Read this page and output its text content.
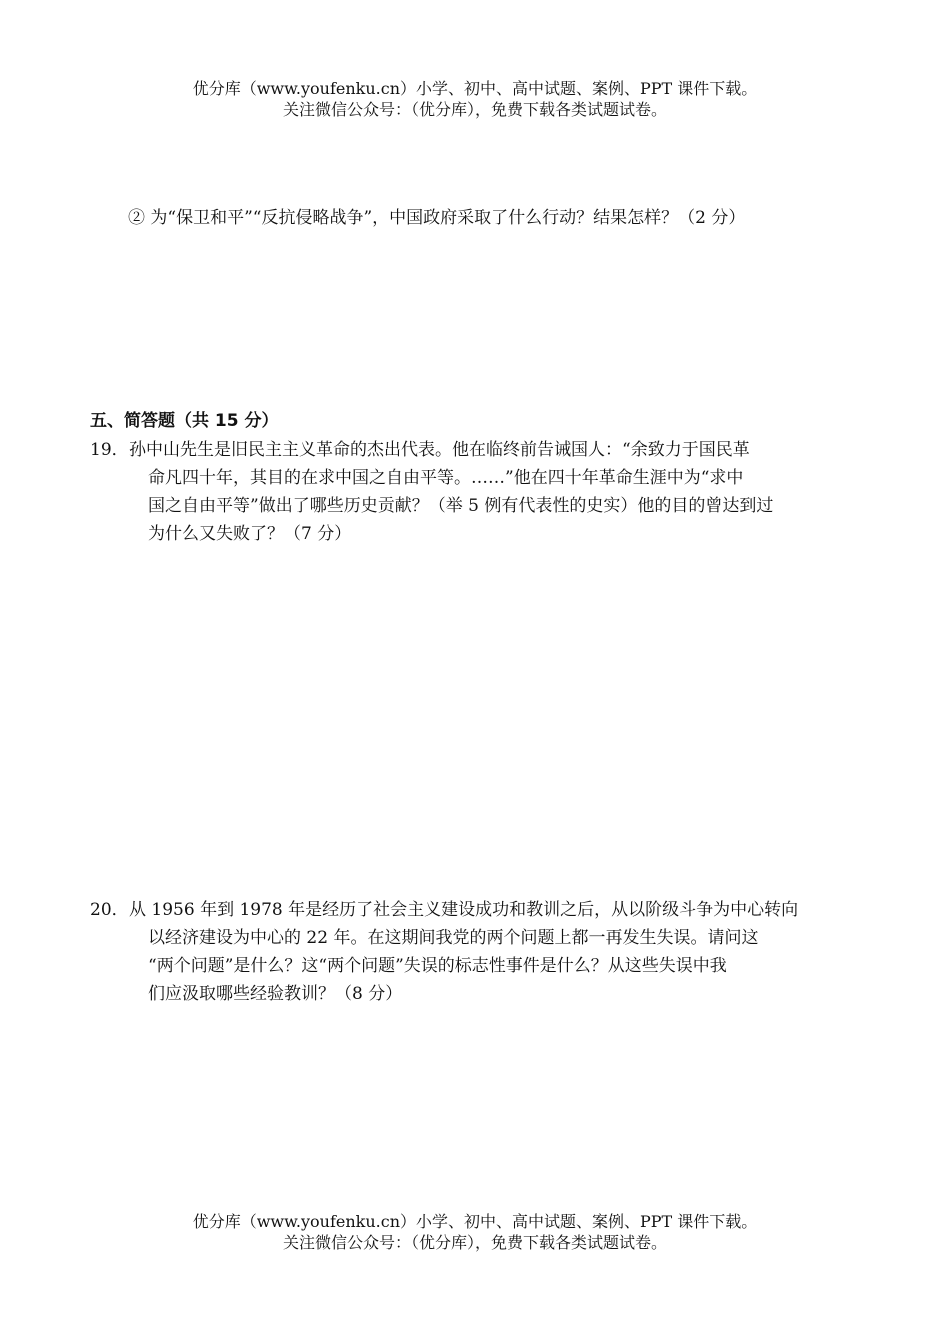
优分库（www.youfenku.cn）小学、初中、高中试题、案例、PPT 课件下载。
关注微信公众号：（优分库），免费下载各类试题试卷。
② 为“保卫和平”“反抗侵略战争”，中国政府采取了什么行动？结果怎样？（2 分）
五、简答题（共 15 分）
19． 孙中山先生是旧民主主义革命的杰出代表。他在临终前告诫国人：“余致力于国民革
命凡四十年，其目的在求中国之自由平等。……”他在四十年革命生涯中为“求中
国之自由平等”做出了哪些历史贡献？（举 5 例有代表性的史实）他的目的曾达到过
为什么又失败了？（7 分）
20． 从 1956 年到 1978 年是经历了社会主义建设成功和教训之后，从以阶级斗争为中心转向
以经济建设为中心的 22 年。在这期间我党的两个问题上都一再发生失误。请问这
“两个问题”是什么？这“两个问题”失误的标志性事件是什么？从这些失误中我
们应汲取哪些经验教训？（8 分）
优分库（www.youfenku.cn）小学、初中、高中试题、案例、PPT 课件下载。
关注微信公众号：（优分库），免费下载各类试题试卷。
